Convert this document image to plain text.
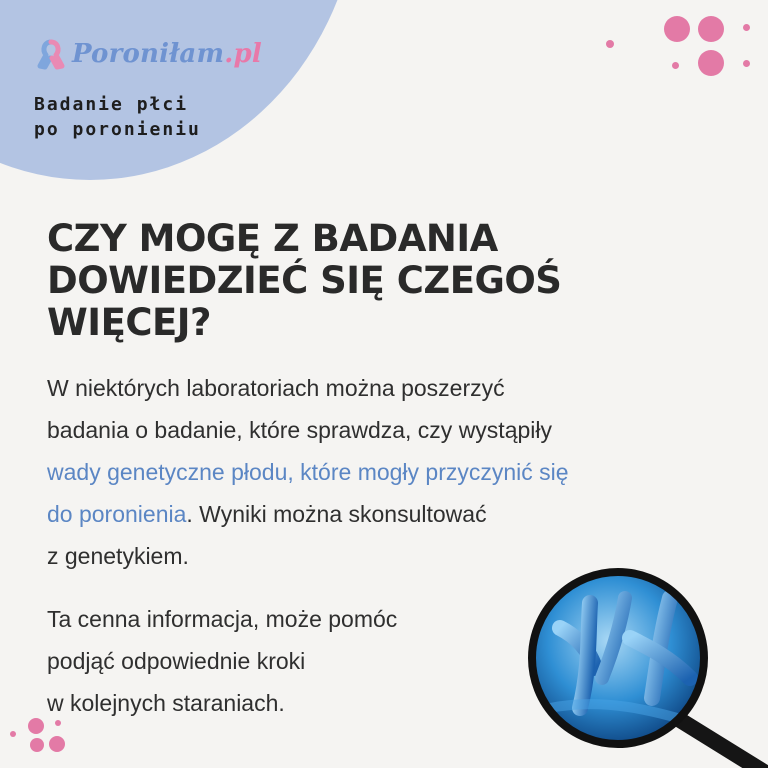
Poroniłam.pl
Badanie płci
po poronieniu
CZY MOGĘ Z BADANIA
DOWIEDZIEĆ SIĘ CZEGOŚ
WIĘCEJ?
W niektórych laboratoriach można poszerzyć
badania o badanie, które sprawdza, czy wystąpiły
wady genetyczne płodu, które mogły przyczynić się
do poronienia. Wyniki można skonsultować
z genetykiem.
Ta cenna informacja, może pomóc
podjąć odpowiednie kroki
w kolejnych staraniach.
